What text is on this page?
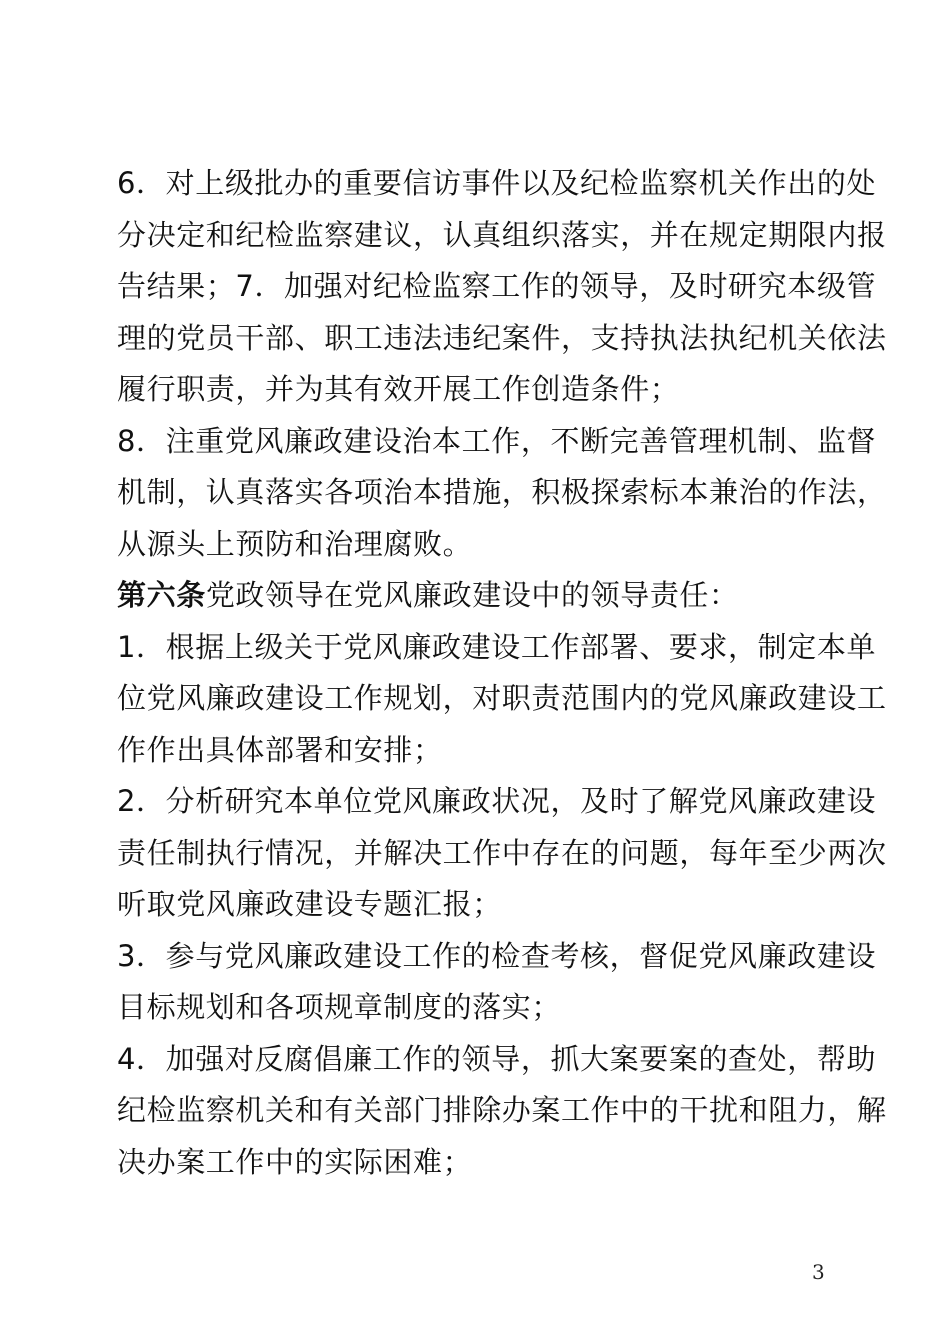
6．对上级批办的重要信访事件以及纪检监察机关作出的处
分决定和纪检监察建议，认真组织落实，并在规定期限内报
告结果；7．加强对纪检监察工作的领导，及时研究本级管
理的党员干部、职工违法违纪案件，支持执法执纪机关依法
履行职责，并为其有效开展工作创造条件；
8．注重党风廉政建设治本工作，不断完善管理机制、监督
机制，认真落实各项治本措施，积极探索标本兼治的作法，
从源头上预防和治理腐败。
第六条党政领导在党风廉政建设中的领导责任：
1．根据上级关于党风廉政建设工作部署、要求，制定本单
位党风廉政建设工作规划，对职责范围内的党风廉政建设工
作作出具体部署和安排；
2．分析研究本单位党风廉政状况，及时了解党风廉政建设
责任制执行情况，并解决工作中存在的问题，每年至少两次
听取党风廉政建设专题汇报；
3．参与党风廉政建设工作的检查考核，督促党风廉政建设
目标规划和各项规章制度的落实；
4．加强对反腐倡廉工作的领导，抓大案要案的查处，帮助
纪检监察机关和有关部门排除办案工作中的干扰和阻力，解
决办案工作中的实际困难；
3
